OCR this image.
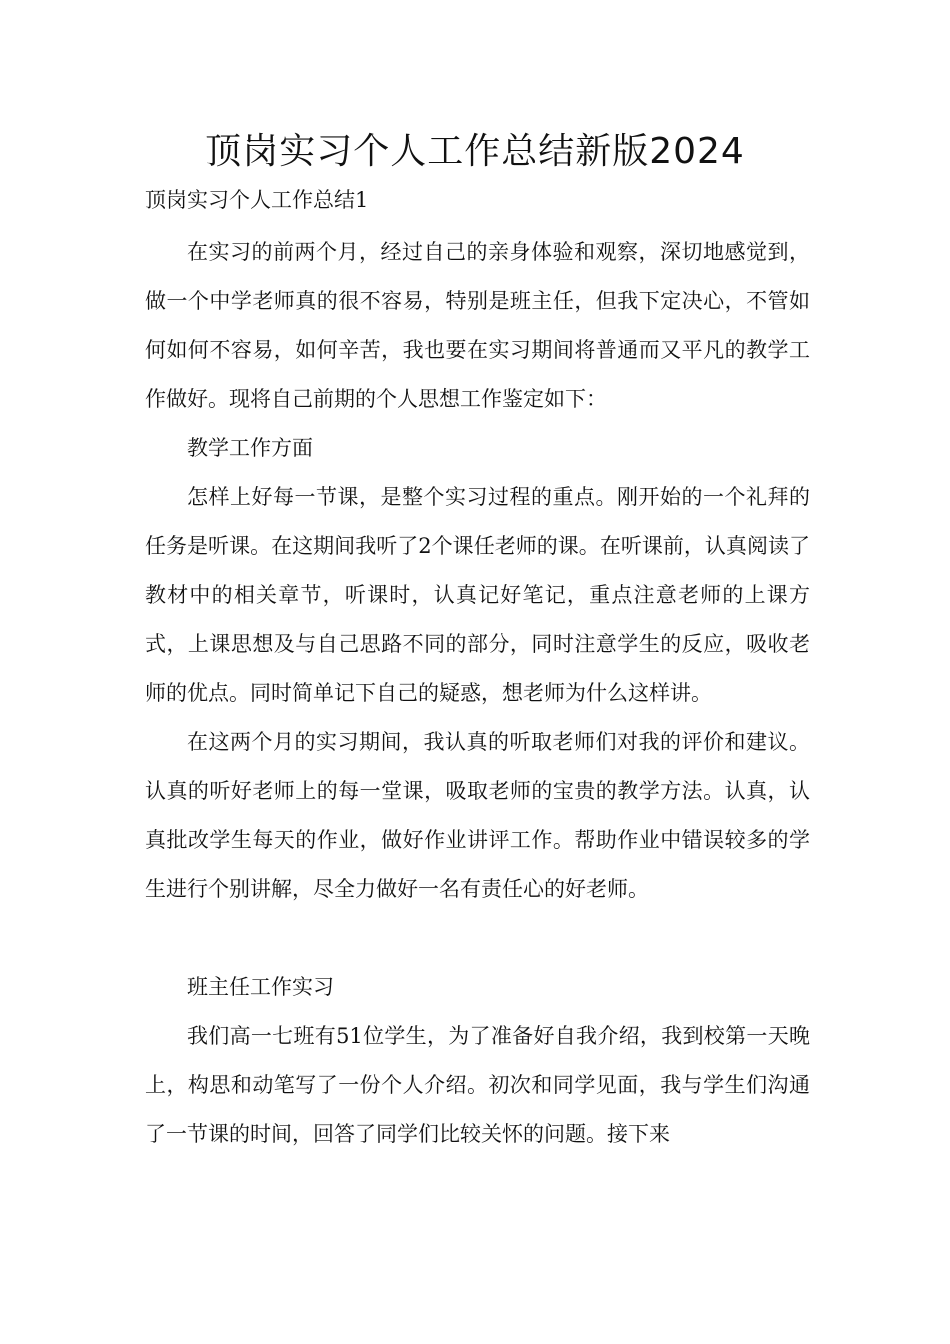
顶岗实习个人工作总结新版2024

顶岗实习个人工作总结1

在实习的前两个月，经过自己的亲身体验和观察，深切地感觉到，做一个中学老师真的很不容易，特别是班主任，但我下定决心，不管如何如何不容易，如何辛苦，我也要在实习期间将普通而又平凡的教学工作做好。现将自己前期的个人思想工作鉴定如下：

教学工作方面

怎样上好每一节课，是整个实习过程的重点。刚开始的一个礼拜的任务是听课。在这期间我听了2个课任老师的课。在听课前，认真阅读了教材中的相关章节，听课时，认真记好笔记，重点注意老师的上课方式，上课思想及与自己思路不同的部分，同时注意学生的反应，吸收老师的优点。同时简单记下自己的疑惑，想老师为什么这样讲。

在这两个月的实习期间，我认真的听取老师们对我的评价和建议。认真的听好老师上的每一堂课，吸取老师的宝贵的教学方法。认真，认真批改学生每天的作业，做好作业讲评工作。帮助作业中错误较多的学生进行个别讲解，尽全力做好一名有责任心的好老师。

班主任工作实习

我们高一七班有51位学生，为了准备好自我介绍，我到校第一天晚上，构思和动笔写了一份个人介绍。初次和同学见面，我与学生们沟通了一节课的时间，回答了同学们比较关怀的问题。接下来
